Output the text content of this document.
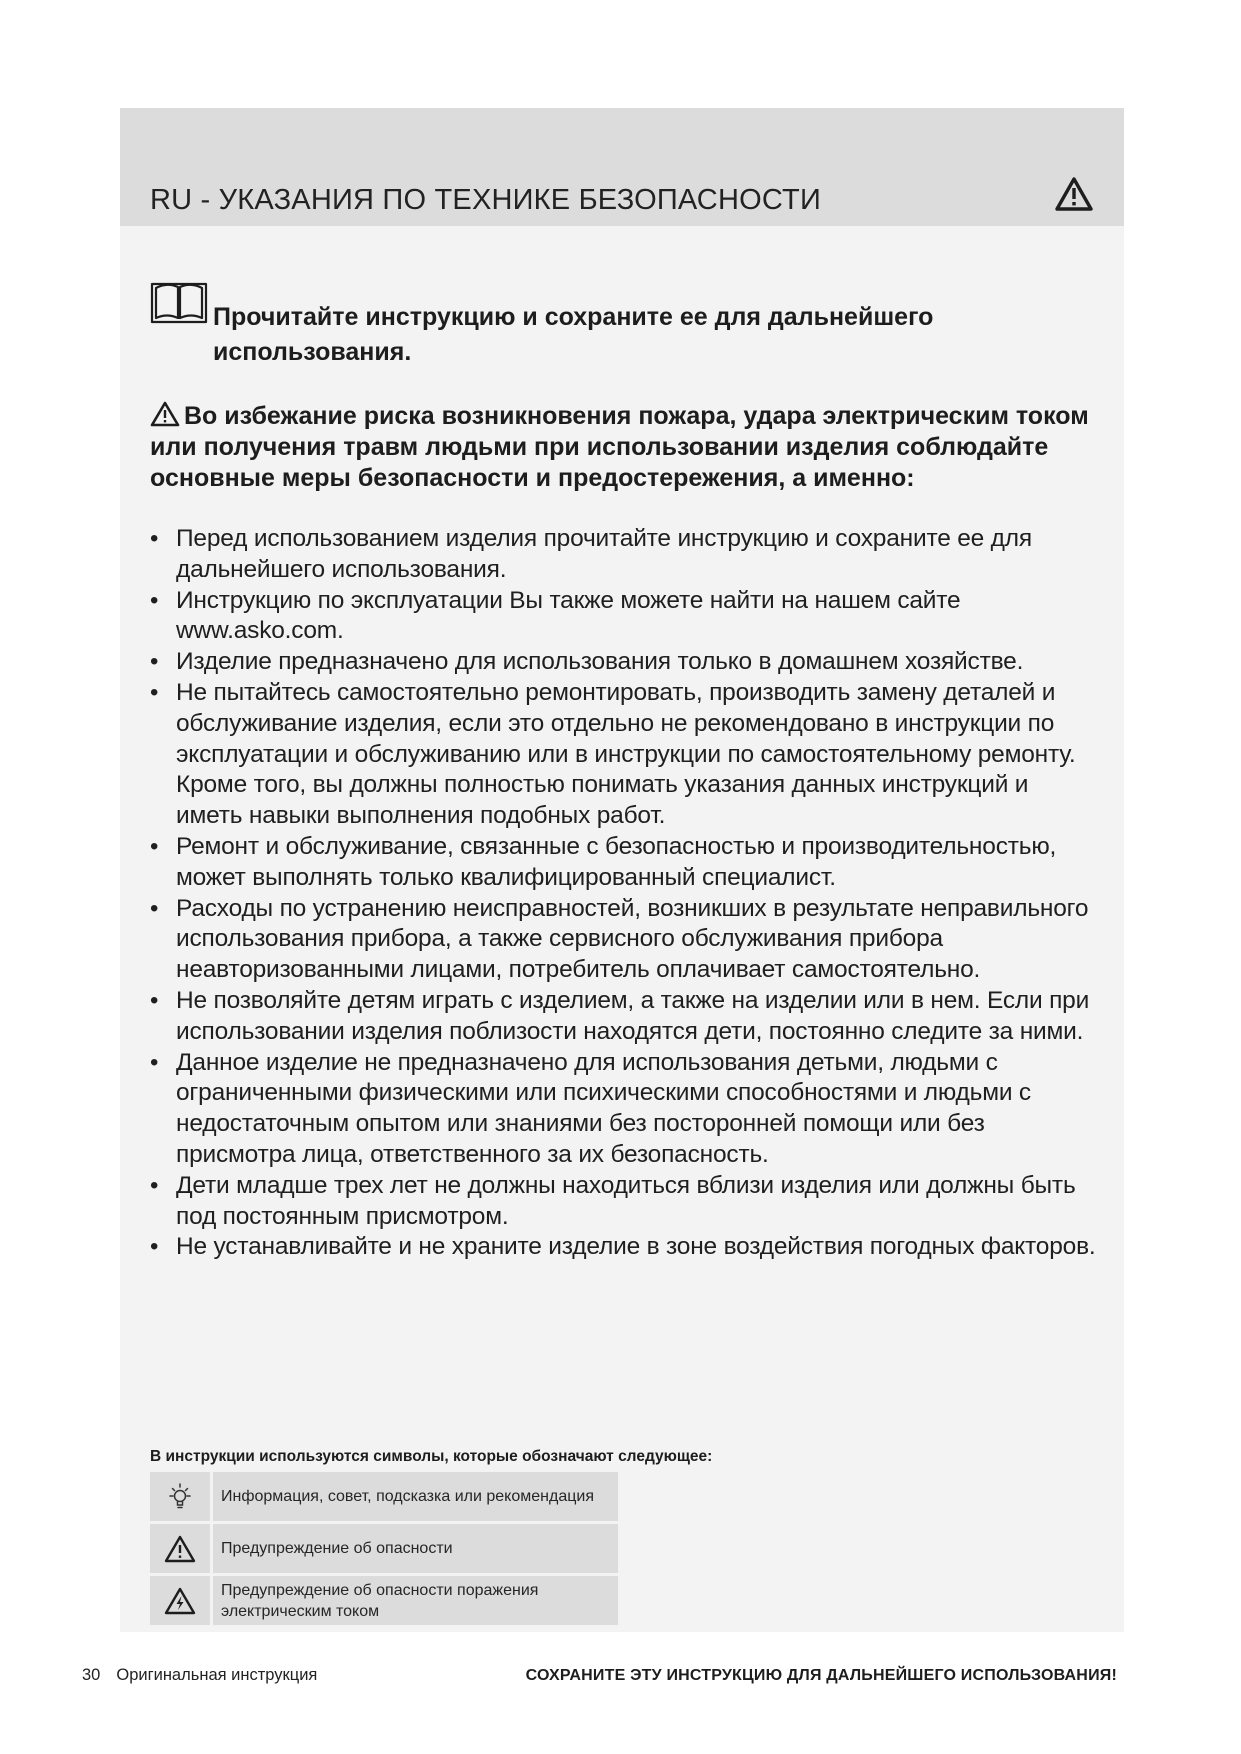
RU - УКАЗАНИЯ ПО ТЕХНИКЕ БЕЗОПАСНОСТИ

Прочитайте инструкцию и сохраните ее для дальнейшего использования.

Во избежание риска возникновения пожара, удара электрическим током или получения травм людьми при использовании изделия соблюдайте основные меры безопасности и предостережения, а именно:

• Перед использованием изделия прочитайте инструкцию и сохраните ее для дальнейшего использования.
• Инструкцию по эксплуатации Вы также можете найти на нашем сайте www.asko.com.
• Изделие предназначено для использования только в домашнем хозяйстве.
• Не пытайтесь самостоятельно ремонтировать, производить замену деталей и обслуживание изделия, если это отдельно не рекомендовано в инструкции по эксплуатации и обслуживанию или в инструкции по самостоятельному ремонту. Кроме того, вы должны полностью понимать указания данных инструкций и иметь навыки выполнения подобных работ.
• Ремонт и обслуживание, связанные с безопасностью и производительностью, может выполнять только квалифицированный специалист.
• Расходы по устранению неисправностей, возникших в результате неправильного использования прибора, а также сервисного обслуживания прибора неавторизованными лицами, потребитель оплачивает самостоятельно.
• Не позволяйте детям играть с изделием, а также на изделии или в нем. Если при использовании изделия поблизости находятся дети, постоянно следите за ними.
• Данное изделие не предназначено для использования детьми, людьми с ограниченными физическими или психическими способностями и людьми с недостаточным опытом или знаниями без посторонней помощи или без присмотра лица, ответственного за их безопасность.
• Дети младше трех лет не должны находиться вблизи изделия или должны быть под постоянным присмотром.
• Не устанавливайте и не храните изделие в зоне воздействия погодных факторов.

В инструкции используются символы, которые обозначают следующее:

Информация, совет, подсказка или рекомендация
Предупреждение об опасности
Предупреждение об опасности поражения электрическим током
30 Оригинальная инструкция	СОХРАНИТЕ ЭТУ ИНСТРУКЦИЮ ДЛЯ ДАЛЬНЕЙШЕГО ИСПОЛЬЗОВАНИЯ!
